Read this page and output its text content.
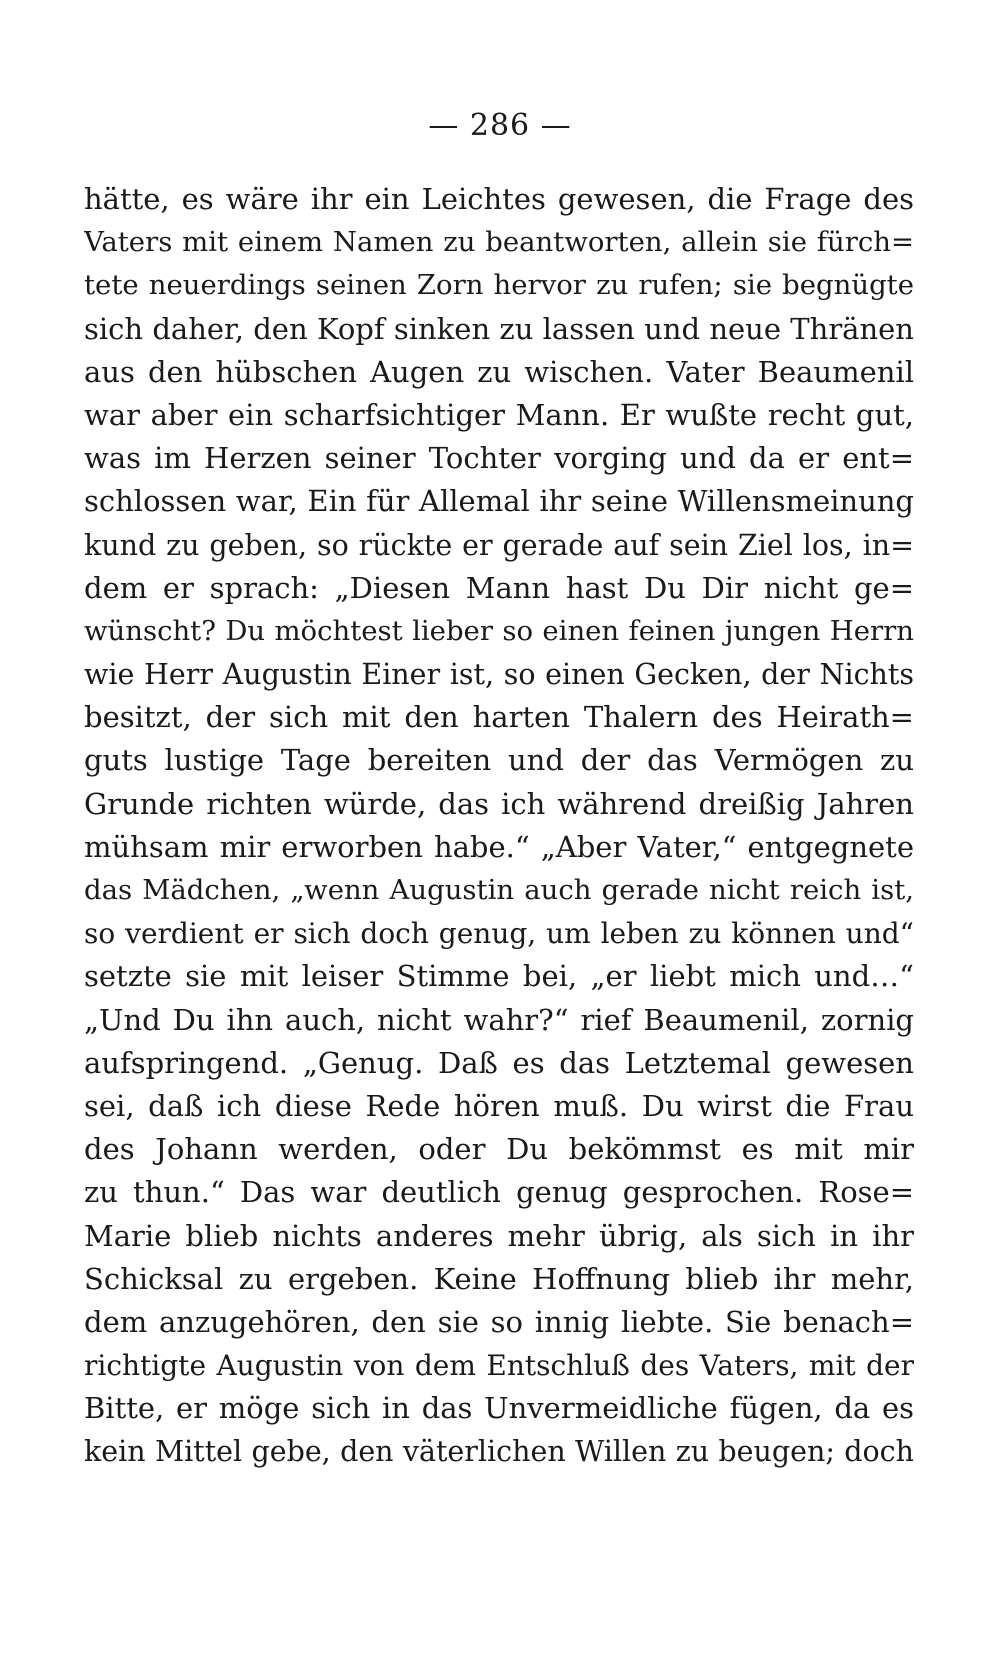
— 286 —
hätte, es wäre ihr ein Leichtes gewesen, die Frage des
Vaters mit einem Namen zu beantworten, allein sie fürch=
tete neuerdings seinen Zorn hervor zu rufen; sie begnügte
sich daher, den Kopf sinken zu lassen und neue Thränen
aus den hübschen Augen zu wischen. Vater Beaumenil
war aber ein scharfsichtiger Mann. Er wußte recht gut,
was im Herzen seiner Tochter vorging und da er ent=
schlossen war, Ein für Allemal ihr seine Willensmeinung
kund zu geben, so rückte er gerade auf sein Ziel los, in=
dem er sprach: „Diesen Mann hast Du Dir nicht ge=
wünscht? Du möchtest lieber so einen feinen jungen Herrn
wie Herr Augustin Einer ist, so einen Gecken, der Nichts
besitzt, der sich mit den harten Thalern des Heirath=
guts lustige Tage bereiten und der das Vermögen zu
Grunde richten würde, das ich während dreißig Jahren
mühsam mir erworben habe.“ „Aber Vater,“ entgegnete
das Mädchen, „wenn Augustin auch gerade nicht reich ist,
so verdient er sich doch genug, um leben zu können und“
setzte sie mit leiser Stimme bei, „er liebt mich und…“
„Und Du ihn auch, nicht wahr?“ rief Beaumenil, zornig
aufspringend. „Genug. Daß es das Letztemal gewesen
sei, daß ich diese Rede hören muß. Du wirst die Frau
des Johann werden, oder Du bekömmst es mit mir
zu thun.“ Das war deutlich genug gesprochen. Rose=
Marie blieb nichts anderes mehr übrig, als sich in ihr
Schicksal zu ergeben. Keine Hoffnung blieb ihr mehr,
dem anzugehören, den sie so innig liebte. Sie benach=
richtigte Augustin von dem Entschluß des Vaters, mit der
Bitte, er möge sich in das Unvermeidliche fügen, da es
kein Mittel gebe, den väterlichen Willen zu beugen; doch
